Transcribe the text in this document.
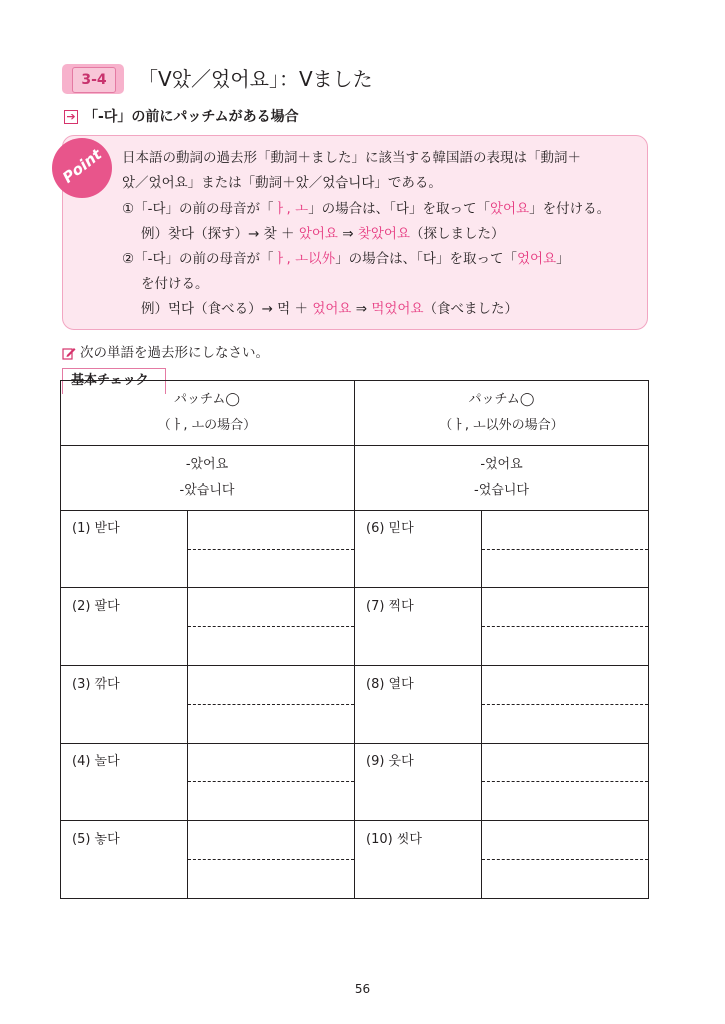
3-4	「V았／었어요」：Vました
➔ 「-다」の前にパッチムがある場合
Point 日本語の動詞の過去形「動詞＋ました」に該当する韓国語の表現は「動詞＋
았／었어요」または「動詞＋았／었습니다」である。
①「-다」の前の母音が「ㅏ, ㅗ」の場合は、「다」を取って「았어요」を付ける。
例）찾다（探す）→ 찾 ＋ 았어요 ⇒ 찾았어요（探しました）
②「-다」の前の母音が「ㅏ, ㅗ以外」の場合は、「다」を取って「었어요」
を付ける。
例）먹다（食べる）→ 먹 ＋ 었어요 ⇒ 먹었어요（食べました）
次の単語を過去形にしなさい。
基本チェック
パッチム◯
（ㅏ, ㅗの場合）
パッチム◯
（ㅏ, ㅗ以外の場合）
-았어요
-았습니다
-었어요
-었습니다
(1) 받다
(2) 팔다
(3) 깎다
(4) 놀다
(5) 놓다
(6) 믿다
(7) 찍다
(8) 열다
(9) 웃다
(10) 씻다
56
